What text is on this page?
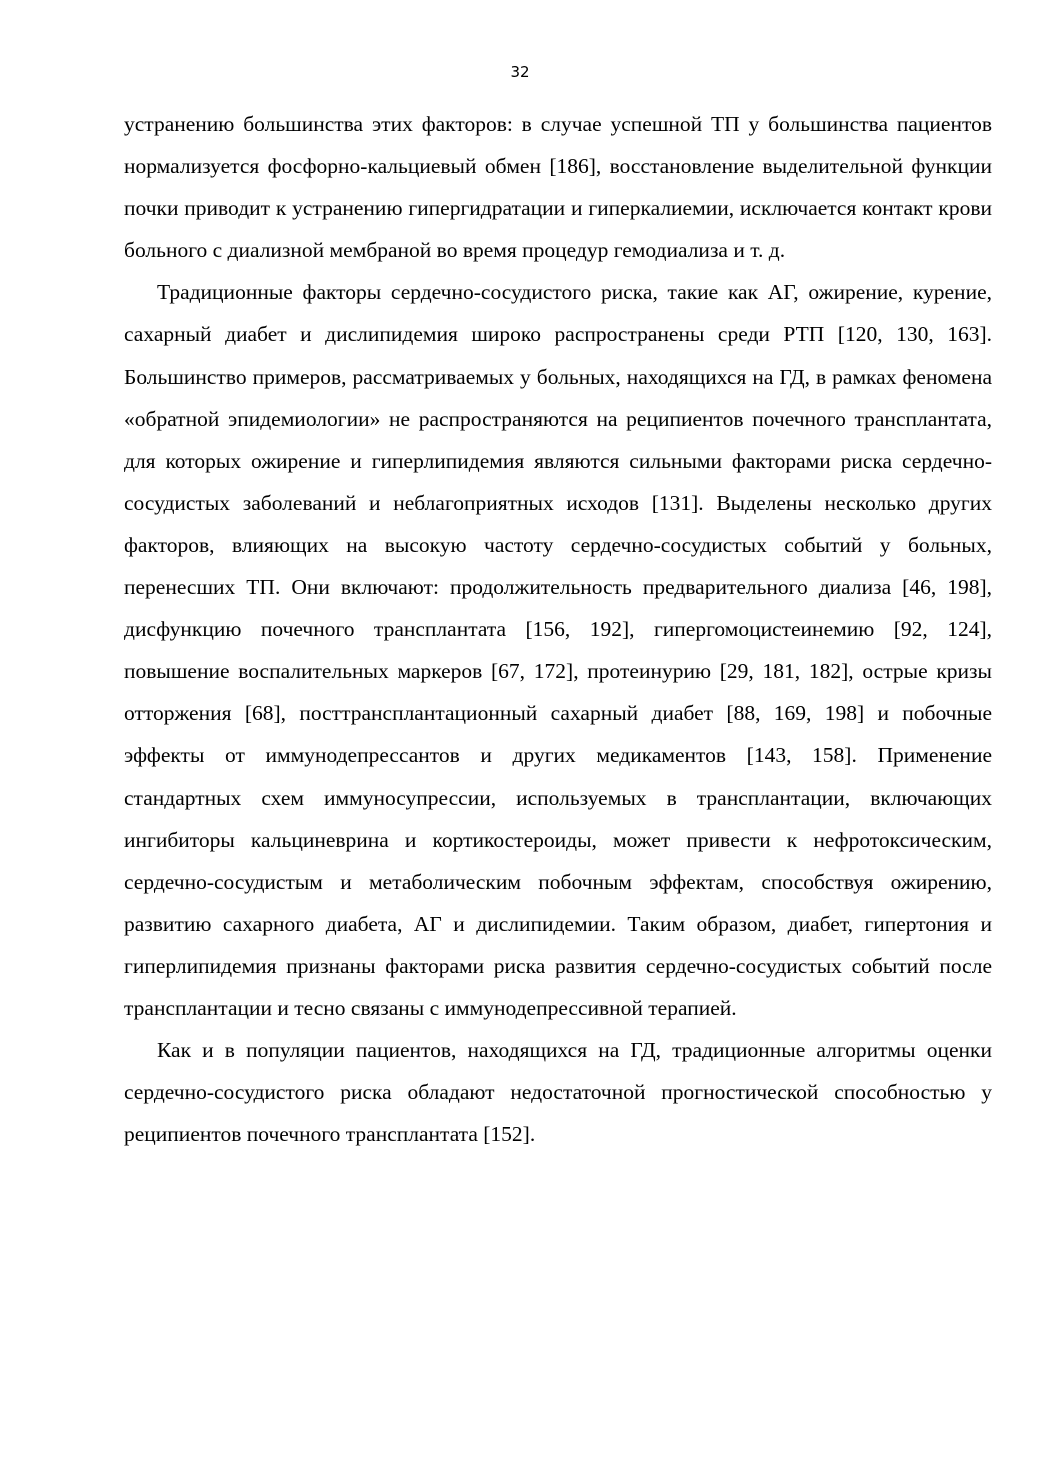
32

устранению большинства этих факторов: в случае успешной ТП у большинства пациентов нормализуется фосфорно-кальциевый обмен [186], восстановление выделительной функции почки приводит к устранению гипергидратации и гиперкалиемии, исключается контакт крови больного с диализной мембраной во время процедур гемодиализа и т. д.

Традиционные факторы сердечно-сосудистого риска, такие как АГ, ожирение, курение, сахарный диабет и дислипидемия широко распространены среди РТП [120, 130, 163]. Большинство примеров, рассматриваемых у больных, находящихся на ГД, в рамках феномена «обратной эпидемиологии» не распространяются на реципиентов почечного трансплантата, для которых ожирение и гиперлипидемия являются сильными факторами риска сердечно-сосудистых заболеваний и неблагоприятных исходов [131]. Выделены несколько других факторов, влияющих на высокую частоту сердечно-сосудистых событий у больных, перенесших ТП. Они включают: продолжительность предварительного диализа [46, 198], дисфункцию почечного трансплантата [156, 192], гипергомоцистеинемию [92, 124], повышение воспалительных маркеров [67, 172], протеинурию [29, 181, 182], острые кризы отторжения [68], посттрансплантационный сахарный диабет [88, 169, 198] и побочные эффекты от иммунодепрессантов и других медикаментов [143, 158]. Применение стандартных схем иммуносупрессии, используемых в трансплантации, включающих ингибиторы кальциневрина и кортикостероиды, может привести к нефротоксическим, сердечно-сосудистым и метаболическим побочным эффектам, способствуя ожирению, развитию сахарного диабета, АГ и дислипидемии. Таким образом, диабет, гипертония и гиперлипидемия признаны факторами риска развития сердечно-сосудистых событий после трансплантации и тесно связаны с иммунодепрессивной терапией.

Как и в популяции пациентов, находящихся на ГД, традиционные алгоритмы оценки сердечно-сосудистого риска обладают недостаточной прогностической способностью у реципиентов почечного трансплантата [152].
